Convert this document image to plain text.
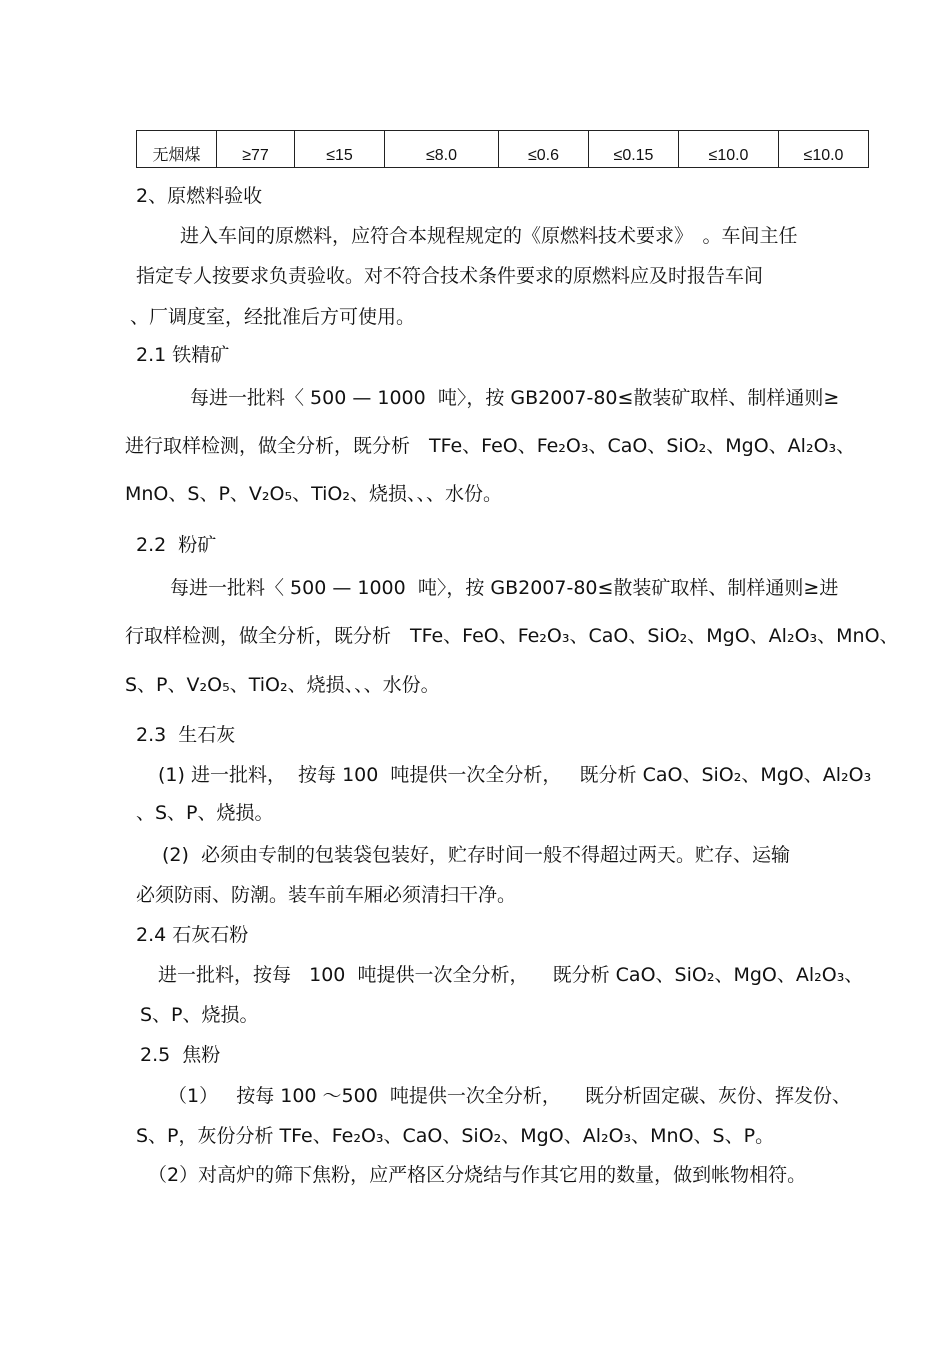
无烟煤	≥77	≤15	≤8.0	≤0.6	≤0.15	≤10.0	≤10.0
2、原燃料验收
进入车间的原燃料，应符合本规程规定的《原燃料技术要求》　。车间主任
指定专人按要求负责验收。对不符合技术条件要求的原燃料应及时报告车间
、厂调度室，经批准后方可使用。
2.1 铁精矿
每进一批料〈 500 — 1000  吨〉，按 GB2007-80≤散装矿取样、制样通则≥
进行取样检测，做全分析，既分析　TFe、FeO、Fe₂O₃、CaO、SiO₂、MgO、Al₂O₃、
MnO、S、P、V₂O₅、TiO₂、烧损、、、水份。
2.2  粉矿
每进一批料〈 500 — 1000  吨〉，按 GB2007-80≤散装矿取样、制样通则≥进
行取样检测，做全分析，既分析　TFe、FeO、Fe₂O₃、CaO、SiO₂、MgO、Al₂O₃、MnO、
S、P、V₂O₅、TiO₂、烧损、、、水份。
2.3  生石灰
(1) 进一批料，  按每 100  吨提供一次全分析，   既分析 CaO、SiO₂、MgO、Al₂O₃
、S、P、烧损。
(2)  必须由专制的包装袋包装好，贮存时间一般不得超过两天。贮存、运输
必须防雨、防潮。装车前车厢必须清扫干净。
2.4 石灰石粉
进一批料，按每   100  吨提供一次全分析，    既分析 CaO、SiO₂、MgO、Al₂O₃、
S、P、烧损。
2.5  焦粉
（1）   按每 100 ～500  吨提供一次全分析，    既分析固定碳、灰份、挥发份、
S、P，灰份分析 TFe、Fe₂O₃、CaO、SiO₂、MgO、Al₂O₃、MnO、S、P。
（2）对高炉的筛下焦粉，应严格区分烧结与作其它用的数量，做到帐物相符。
